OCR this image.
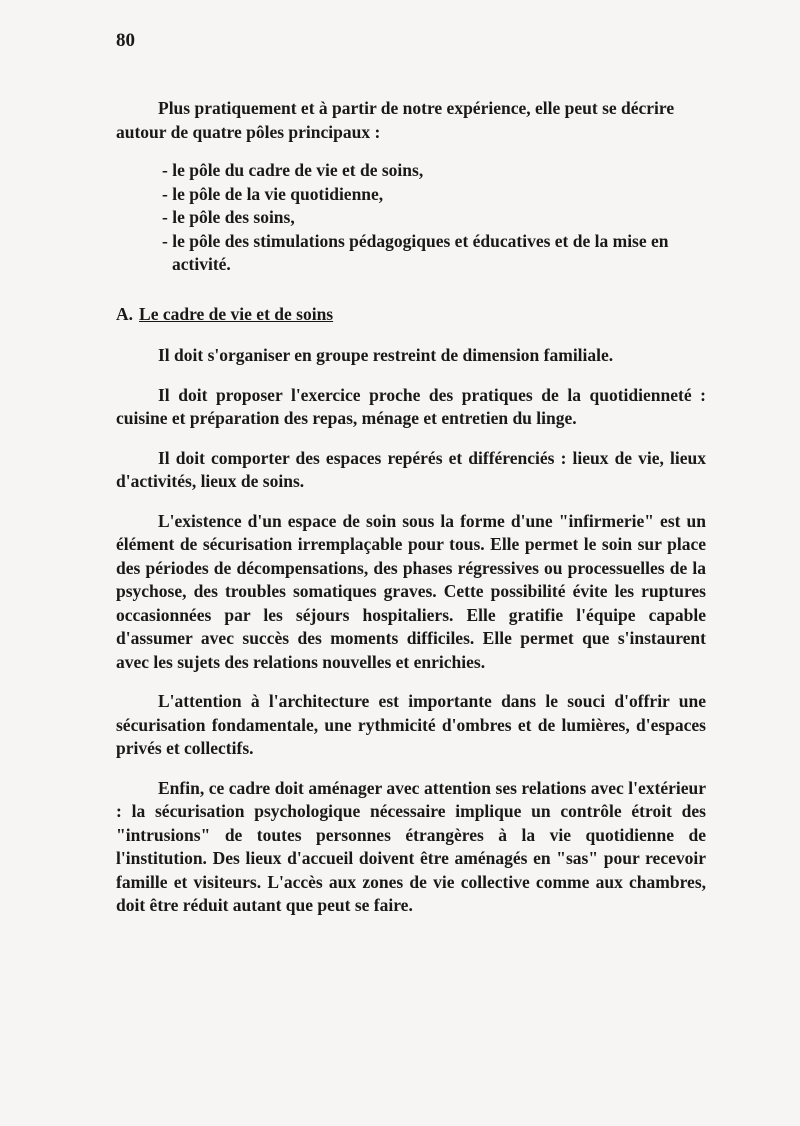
80

Plus pratiquement et à partir de notre expérience, elle peut se décrire autour de quatre pôles principaux :

- le pôle du cadre de vie et de soins,
- le pôle de la vie quotidienne,
- le pôle des soins,
- le pôle des stimulations pédagogiques et éducatives et de la mise en activité.
A. Le cadre de vie et de soins

Il doit s'organiser en groupe restreint de dimension familiale.

Il doit proposer l'exercice proche des pratiques de la quotidienneté : cuisine et préparation des repas, ménage et entretien du linge.

Il doit comporter des espaces repérés et différenciés : lieux de vie, lieux d'activités, lieux de soins.

L'existence d'un espace de soin sous la forme d'une "infirmerie" est un élément de sécurisation irremplaçable pour tous. Elle permet le soin sur place des périodes de décompensations, des phases régressives ou processuelles de la psychose, des troubles somatiques graves. Cette possibilité évite les ruptures occasionnées par les séjours hospitaliers. Elle gratifie l'équipe capable d'assumer avec succès des moments difficiles. Elle permet que s'instaurent avec les sujets des relations nouvelles et enrichies.

L'attention à l'architecture est importante dans le souci d'offrir une sécurisation fondamentale, une rythmicité d'ombres et de lumières, d'espaces privés et collectifs.

Enfin, ce cadre doit aménager avec attention ses relations avec l'extérieur : la sécurisation psychologique nécessaire implique un contrôle étroit des "intrusions" de toutes personnes étrangères à la vie quotidienne de l'institution. Des lieux d'accueil doivent être aménagés en "sas" pour recevoir famille et visiteurs. L'accès aux zones de vie collective comme aux chambres, doit être réduit autant que peut se faire.
